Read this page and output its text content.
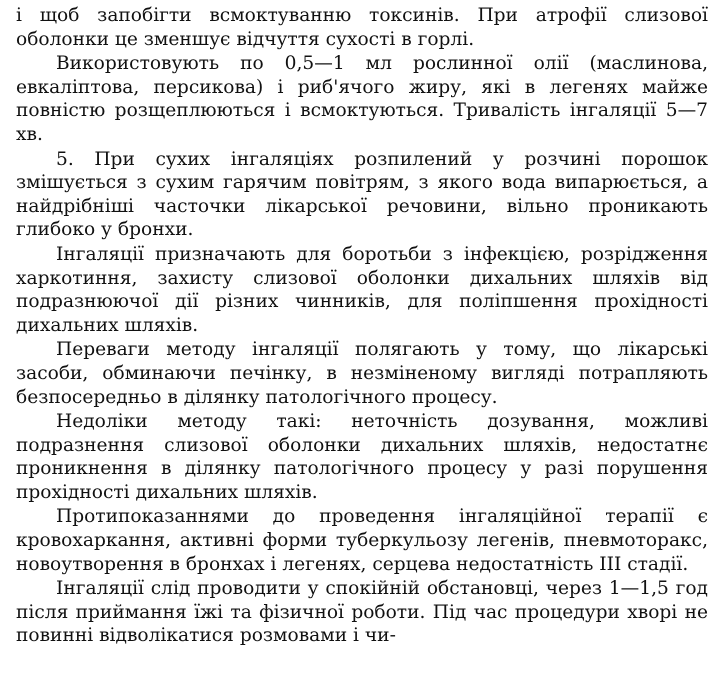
і щоб запобігти всмоктуванню токсинів. При атрофії слизової оболонки це зменшує відчуття сухості в горлі.

Використовують по 0,5—1 мл рослинної олії (маслинова, евкаліптова, персикова) і риб'ячого жиру, які в легенях майже повністю розщеплюються і всмоктуються. Тривалість інгаляції 5—7 хв.

5. При сухих інгаляціях розпилений у розчині порошок змішується з сухим гарячим повітрям, з якого вода випарюється, а найдрібніші часточки лікарської речовини, вільно проникають глибоко у бронхи.

Інгаляції призначають для боротьби з інфекцією, розрідження харкотиння, захисту слизової оболонки дихальних шляхів від подразнюючої дії різних чинників, для поліпшення прохідності дихальних шляхів.

Переваги методу інгаляції полягають у тому, що лікарські засоби, обминаючи печінку, в незміненому вигляді потрапляють безпосередньо в ділянку патологічного процесу.

Недоліки методу такі: неточність дозування, можливі подразнення слизової оболонки дихальних шляхів, недостатнє проникнення в ділянку патологічного процесу у разі порушення прохідності дихальних шляхів.

Протипоказаннями до проведення інгаляційної терапії є кровохаркання, активні форми туберкульозу легенів, пневмоторакс, новоутворення в бронхах і легенях, серцева недостатність III стадії.

Інгаляції слід проводити у спокійній обстановці, через 1—1,5 год після приймання їжі та фізичної роботи. Під час процедури хворі не повинні відволікатися розмовами і чи-
